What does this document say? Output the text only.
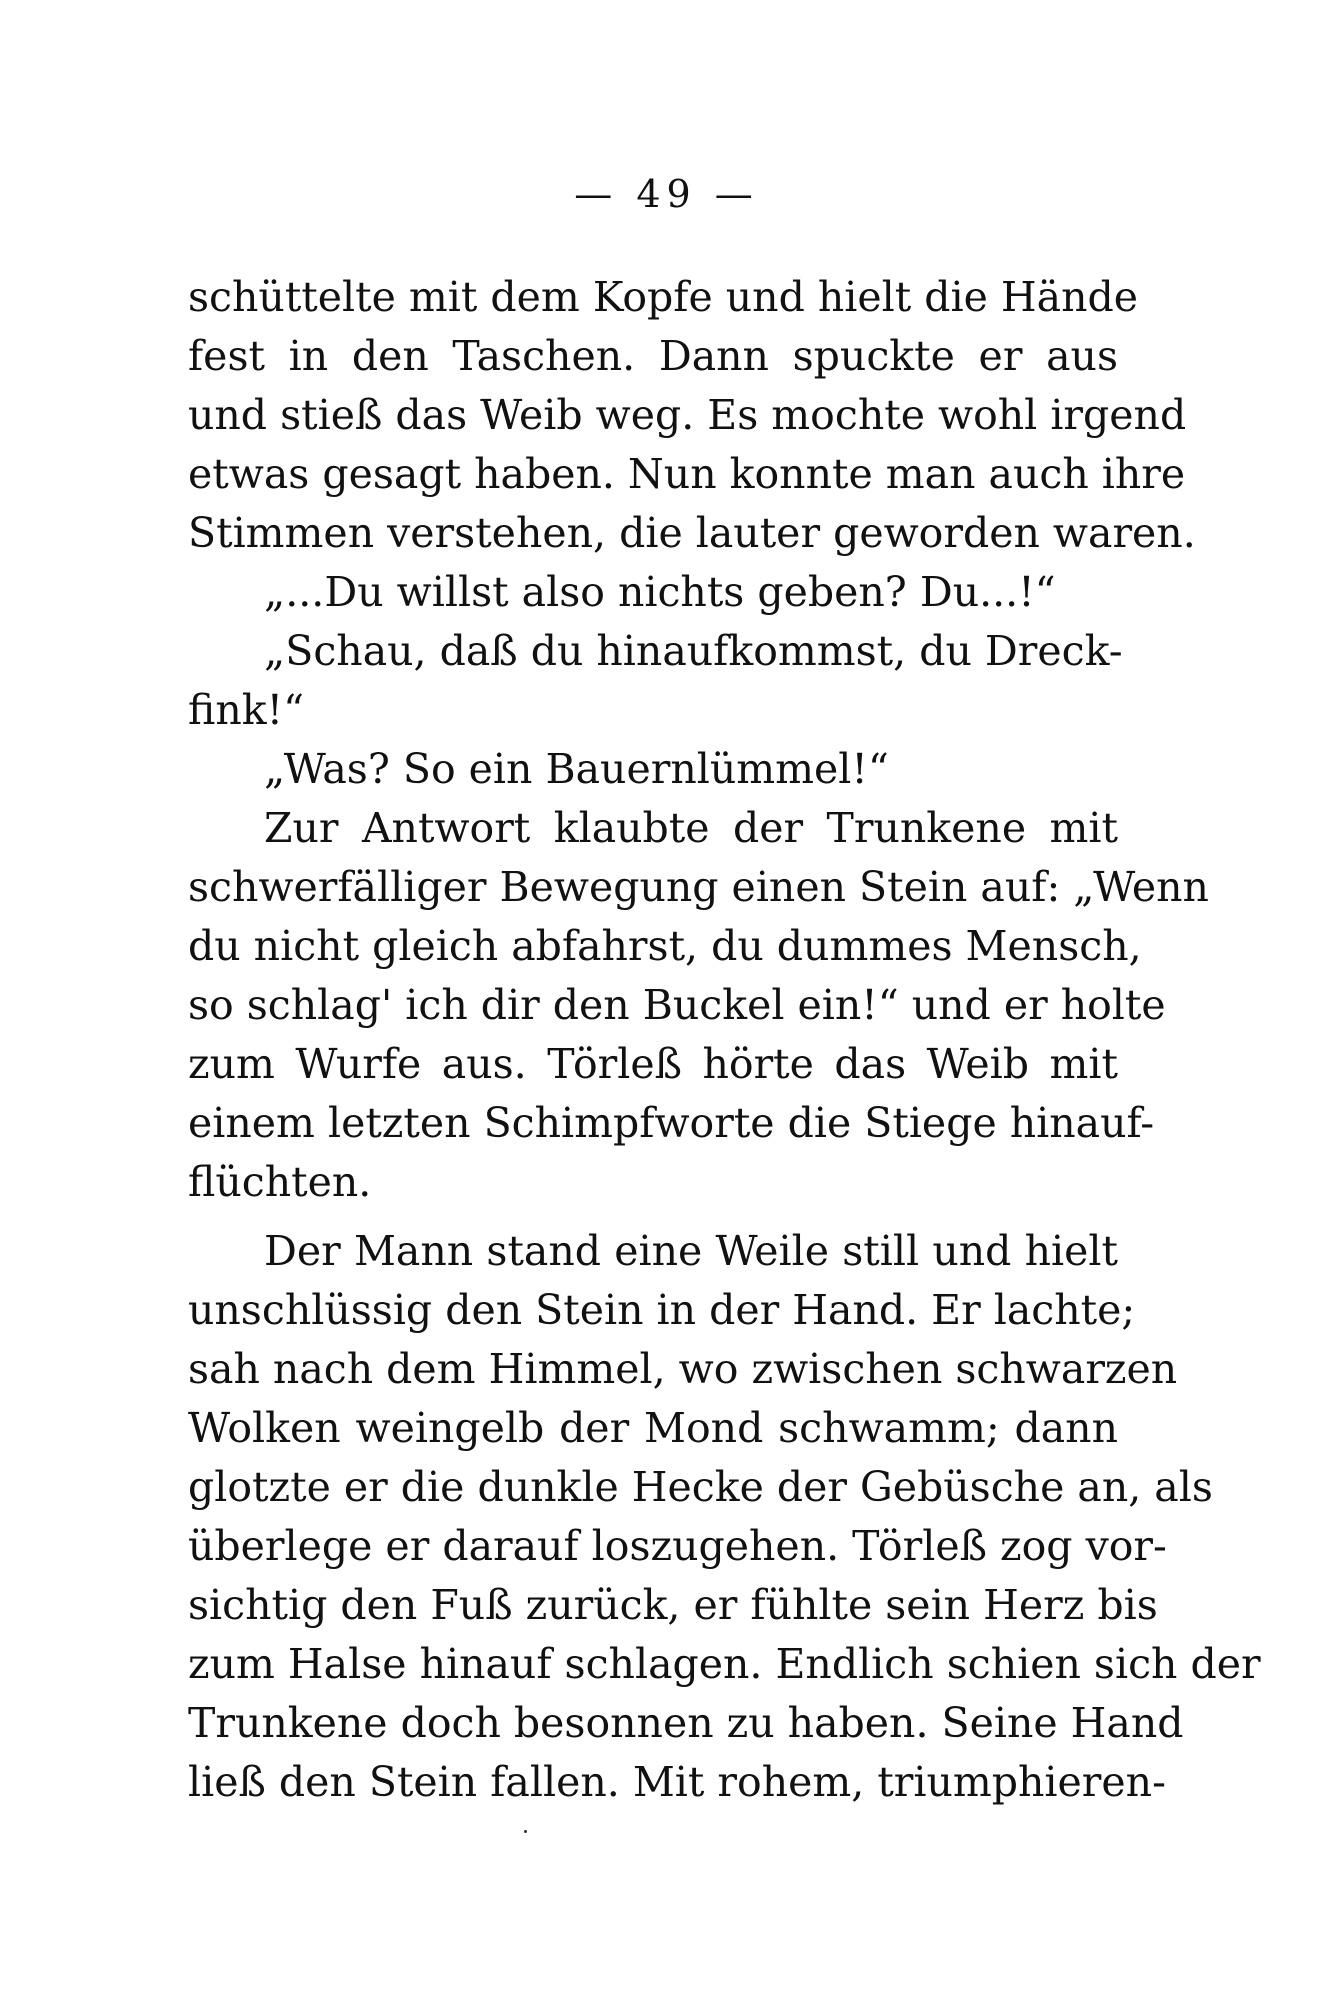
— 49 —
schüttelte mit dem Kopfe und hielt die Hände
fest in den Taschen. Dann spuckte er aus
und stieß das Weib weg. Es mochte wohl irgend
etwas gesagt haben. Nun konnte man auch ihre
Stimmen verstehen, die lauter geworden waren.
„...Du willst also nichts geben? Du...!“
„Schau, daß du hinaufkommst, du Dreck-
fink!“
„Was? So ein Bauernlümmel!“
Zur Antwort klaubte der Trunkene mit
schwerfälliger Bewegung einen Stein auf: „Wenn
du nicht gleich abfahrst, du dummes Mensch,
so schlag' ich dir den Buckel ein!“ und er holte
zum Wurfe aus. Törleß hörte das Weib mit
einem letzten Schimpfworte die Stiege hinauf-
flüchten.
Der Mann stand eine Weile still und hielt
unschlüssig den Stein in der Hand. Er lachte;
sah nach dem Himmel, wo zwischen schwarzen
Wolken weingelb der Mond schwamm; dann
glotzte er die dunkle Hecke der Gebüsche an, als
überlege er darauf loszugehen. Törleß zog vor-
sichtig den Fuß zurück, er fühlte sein Herz bis
zum Halse hinauf schlagen. Endlich schien sich der
Trunkene doch besonnen zu haben. Seine Hand
ließ den Stein fallen. Mit rohem, triumphieren-
